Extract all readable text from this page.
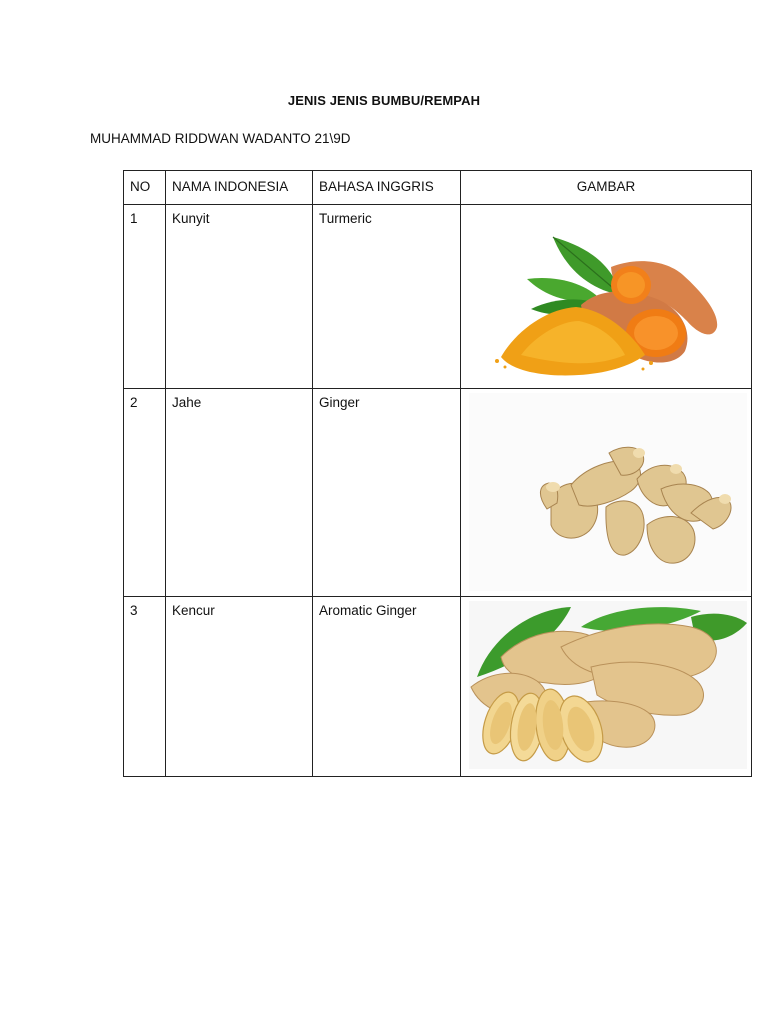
JENIS JENIS BUMBU/REMPAH
MUHAMMAD RIDDWAN WADANTO 21\9D
NO	NAMA INDONESIA	BAHASA INGGRIS	GAMBAR
1	Kunyit	Turmeric	

2	Jahe	Ginger	

3	Kencur	Aromatic Ginger	
